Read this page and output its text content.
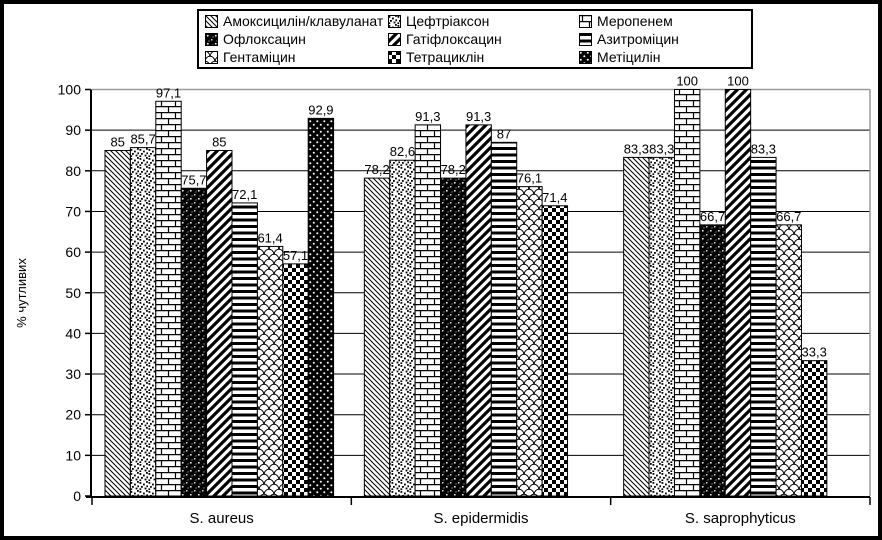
85 85,7
97,1
75,7
85
72,1
61,4
57,1
92,9
S. aureus
78,2
82,6
91,3
78,2
91,3
87
76,1
71,4
S. epidermidis
83,3 83,3
100
66,7
100
83,3
66,7
33,3
S. saprophyticus
0
10
20
30
40
50
60
70
80
90
100
% чутливих
Амоксицилін/клавуланат Цефтріаксон	Меропенем
Офлоксацин	Гатіфлоксацин	Азитроміцин
Гентаміцин	Тетрациклін	Метіцилін
